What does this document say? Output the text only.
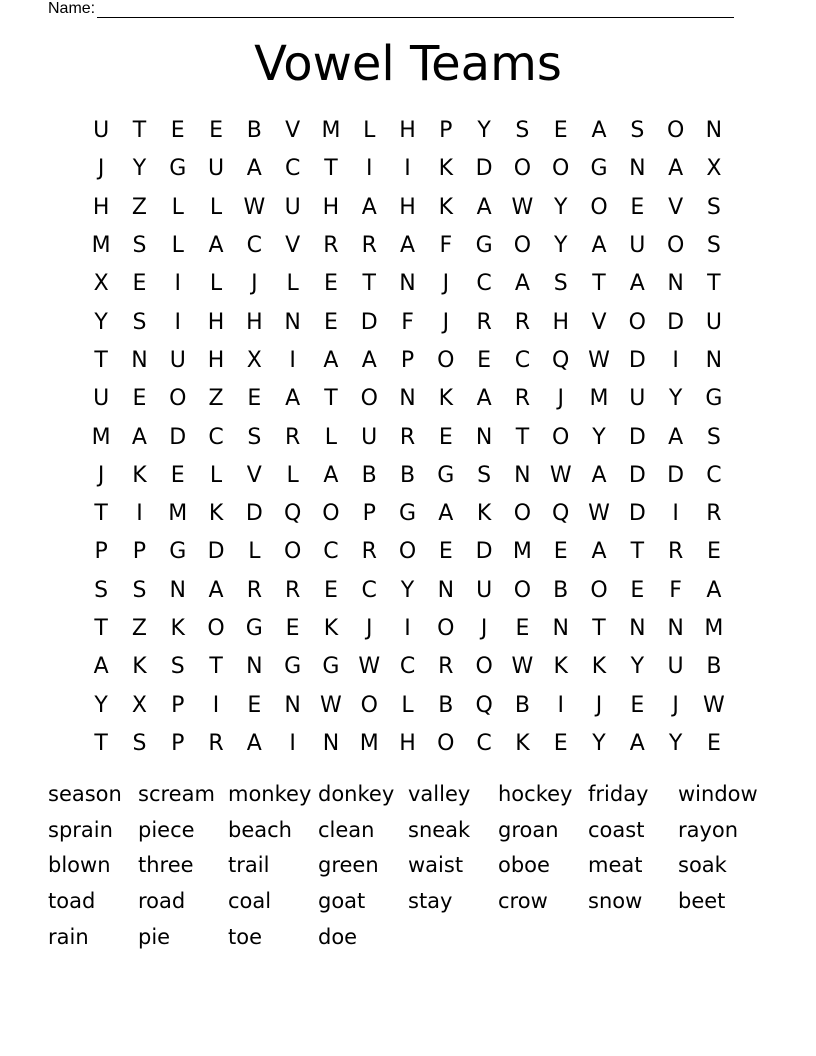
Name:
Vowel Teams
U	T	E	E	B	V M	L	H	P	Y	S	E	A	S	O N
J	Y	G U	A	C	T	I	I	K	D O O G N	A	X
H	Z	L	L W U H	A	H	K	A W Y	O	E	V	S
M S	L	A	C	V	R	R	A	F	G O	Y	A	U O	S
X	E	I	L	J	L	E	T	N	J	C	A	S	T	A	N	T
Y	S	I	H H N	E	D	F	J	R	R	H	V	O D U
T	N	U H	X	I	A	A	P	O	E	C Q W D	I	N
U	E	O	Z	E	A	T	O N	K	A	R	J	M U	Y	G
M A	D	C	S	R	L	U	R	E	N	T	O	Y	D	A	S
J	K	E	L	V	L	A	B	B	G	S	N W A	D D	C
T	I	M K	D Q O	P	G	A	K	O Q W D	I	R
P	P	G D	L	O C	R O	E	D M E	A	T	R	E
S	S	N	A	R	R	E	C	Y	N	U O	B	O	E	F	A
T	Z	K	O G	E	K	J	I	O	J	E	N	T	N N M
A	K	S	T	N G G W C	R O W K	K	Y	U	B
Y	X	P	I	E	N W O	L	B	Q	B	I	J	E	J	W
T	S	P	R	A	I	N M H O C	K	E	Y	A	Y	E
season scream monkey donkey valley	hockey friday	window
sprain	piece	beach	clean	sneak	groan	coast	rayon
blown	three	trail	green	waist	oboe	meat	soak
toad	road	coal	goat	stay	crow	snow	beet
rain	pie	toe	doe
